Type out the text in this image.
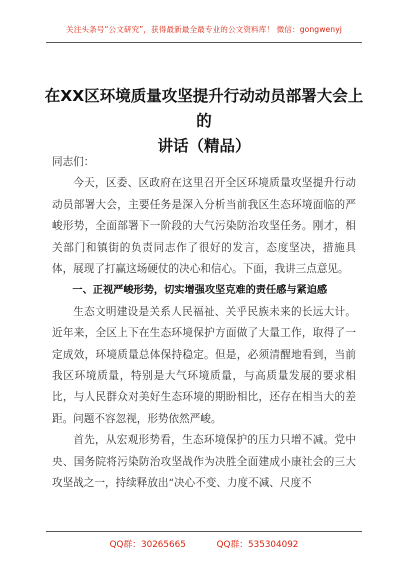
关注头条号“公文研究”，获得最新最全最专业的公文资料库！ 微信：gongwenyj
在XX区环境质量攻坚提升行动动员部署大会上的
讲话（精品）

同志们：

今天，区委、区政府在这里召开全区环境质量攻坚提升行动动员部署大会，主要任务是深入分析当前我区生态环境面临的严峻形势，全面部署下一阶段的大气污染防治攻坚任务。刚才，相关部门和镇街的负责同志作了很好的发言，态度坚决，措施具体，展现了打赢这场硬仗的决心和信心。下面，我讲三点意见。

一、正视严峻形势，切实增强攻坚克难的责任感与紧迫感

生态文明建设是关系人民福祉、关乎民族未来的长远大计。近年来，全区上下在生态环境保护方面做了大量工作，取得了一定成效，环境质量总体保持稳定。但是，必须清醒地看到，当前我区环境质量，特别是大气环境质量，与高质量发展的要求相比，与人民群众对美好生态环境的期盼相比，还存在相当大的差距。问题不容忽视，形势依然严峻。

首先，从宏观形势看，生态环境保护的压力只增不减。党中央、国务院将污染防治攻坚战作为决胜全面建成小康社会的三大攻坚战之一，持续释放出“决心不变、力度不减、尺度不

QQ群：30265665	QQ群：535304092
